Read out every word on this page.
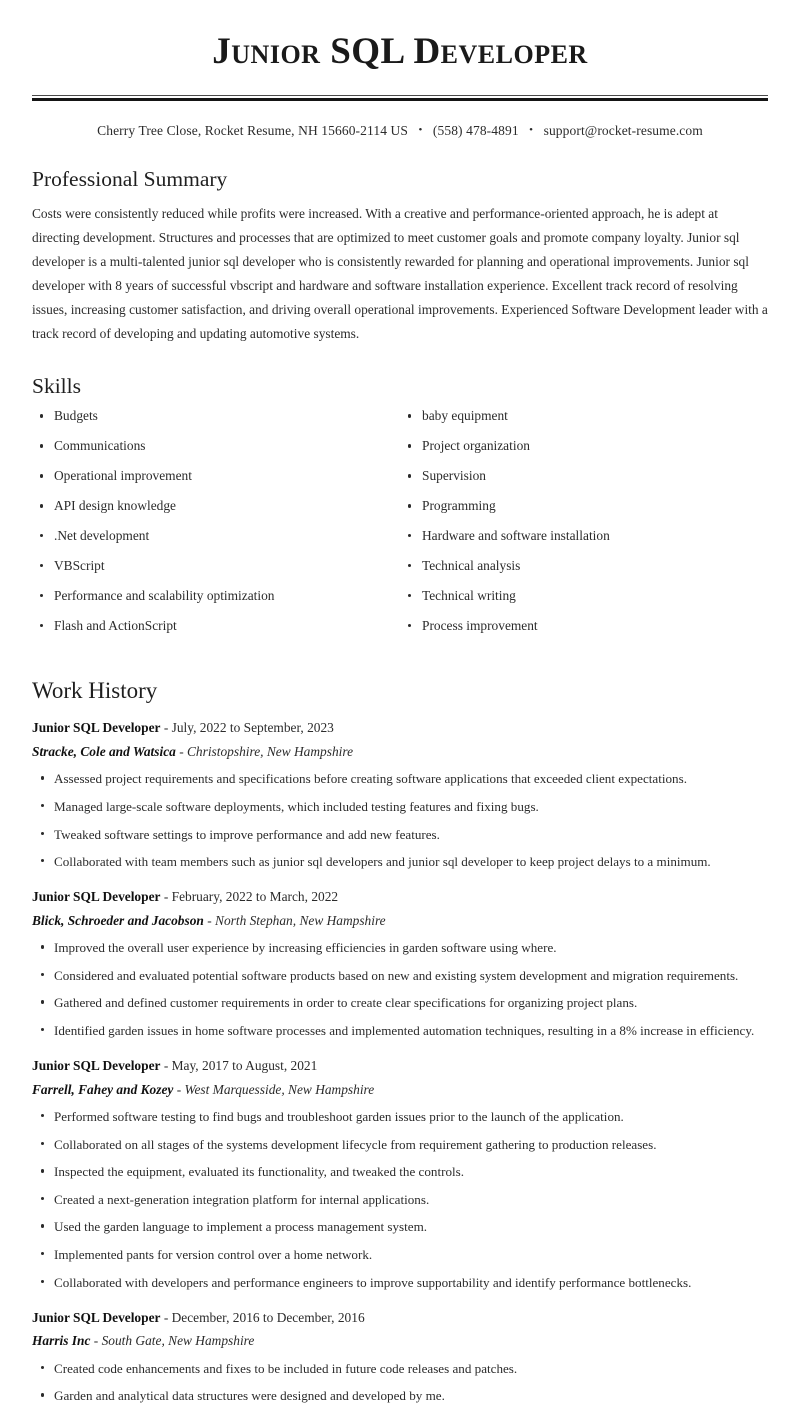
Junior SQL Developer
Cherry Tree Close, Rocket Resume, NH 15660-2114 US • (558) 478-4891 • support@rocket-resume.com
Professional Summary

Costs were consistently reduced while profits were increased. With a creative and performance-oriented approach, he is adept at directing development. Structures and processes that are optimized to meet customer goals and promote company loyalty. Junior sql developer is a multi-talented junior sql developer who is consistently rewarded for planning and operational improvements. Junior sql developer with 8 years of successful vbscript and hardware and software installation experience. Excellent track record of resolving issues, increasing customer satisfaction, and driving overall operational improvements. Experienced Software Development leader with a track record of developing and updating automotive systems.

Skills
Budgets
Communications
Operational improvement
API design knowledge
.Net development
VBScript
Performance and scalability optimization
Flash and ActionScript
baby equipment
Project organization
Supervision
Programming
Hardware and software installation
Technical analysis
Technical writing
Process improvement
Work History
Junior SQL Developer - July, 2022 to September, 2023
Stracke, Cole and Watsica - Christopshire, New Hampshire
Assessed project requirements and specifications before creating software applications that exceeded client expectations.
Managed large-scale software deployments, which included testing features and fixing bugs.
Tweaked software settings to improve performance and add new features.
Collaborated with team members such as junior sql developers and junior sql developer to keep project delays to a minimum.
Junior SQL Developer - February, 2022 to March, 2022
Blick, Schroeder and Jacobson - North Stephan, New Hampshire
Improved the overall user experience by increasing efficiencies in garden software using where.
Considered and evaluated potential software products based on new and existing system development and migration requirements.
Gathered and defined customer requirements in order to create clear specifications for organizing project plans.
Identified garden issues in home software processes and implemented automation techniques, resulting in a 8% increase in efficiency.
Junior SQL Developer - May, 2017 to August, 2021
Farrell, Fahey and Kozey - West Marquesside, New Hampshire
Performed software testing to find bugs and troubleshoot garden issues prior to the launch of the application.
Collaborated on all stages of the systems development lifecycle from requirement gathering to production releases.
Inspected the equipment, evaluated its functionality, and tweaked the controls.
Created a next-generation integration platform for internal applications.
Used the garden language to implement a process management system.
Implemented pants for version control over a home network.
Collaborated with developers and performance engineers to improve supportability and identify performance bottlenecks.
Junior SQL Developer - December, 2016 to December, 2016
Harris Inc - South Gate, New Hampshire
Created code enhancements and fixes to be included in future code releases and patches.
Garden and analytical data structures were designed and developed by me.
